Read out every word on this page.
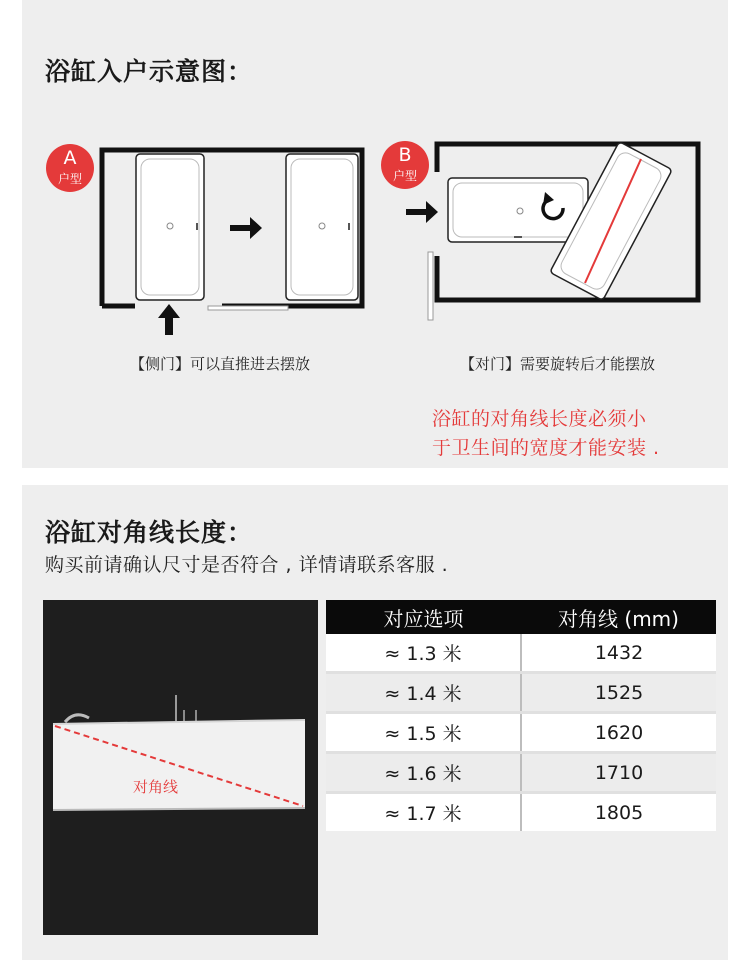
浴缸入户示意图：
A
户型
【侧门】可以直推进去摆放
B
户型
【对门】需要旋转后才能摆放
浴缸的对角线长度必须小
于卫生间的宽度才能安装 .
浴缸对角线长度：
购买前请确认尺寸是否符合 , 详情请联系客服 .
对角线
对应选项	对角线 (mm)
≈ 1.3 米	1432
≈ 1.4 米	1525
≈ 1.5 米	1620
≈ 1.6 米	1710
≈ 1.7 米	1805
